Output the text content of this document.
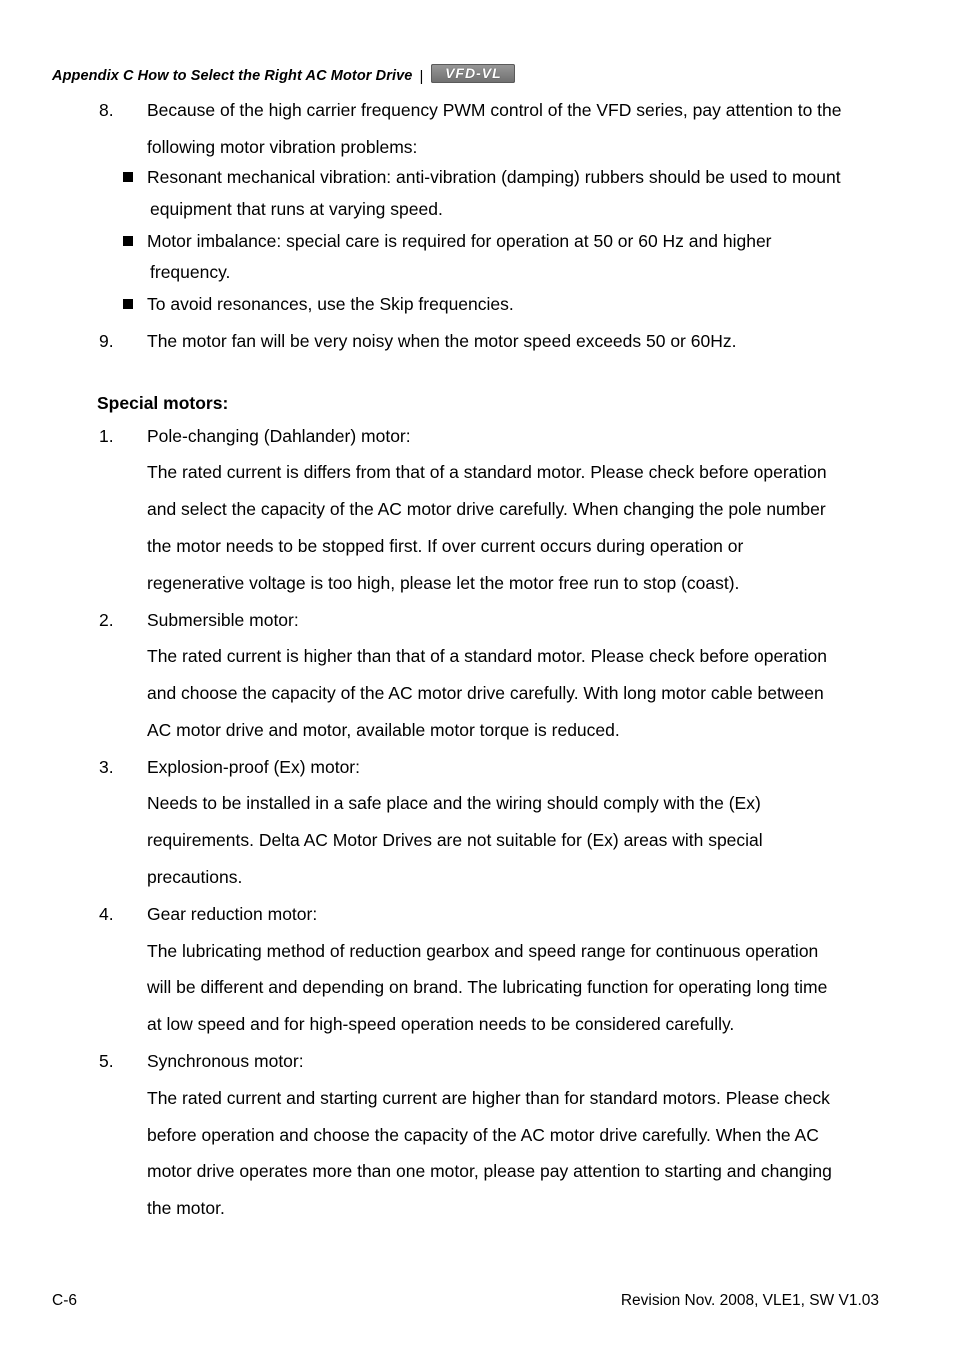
Appendix C How to Select the Right AC Motor Drive | VFD-VL
8. Because of the high carrier frequency PWM control of the VFD series, pay attention to the
following motor vibration problems:
Resonant mechanical vibration: anti-vibration (damping) rubbers should be used to mount
equipment that runs at varying speed.
Motor imbalance: special care is required for operation at 50 or 60 Hz and higher
frequency.
To avoid resonances, use the Skip frequencies.
9. The motor fan will be very noisy when the motor speed exceeds 50 or 60Hz.
Special motors:
1. Pole-changing (Dahlander) motor:
The rated current is differs from that of a standard motor. Please check before operation
and select the capacity of the AC motor drive carefully. When changing the pole number
the motor needs to be stopped first. If over current occurs during operation or
regenerative voltage is too high, please let the motor free run to stop (coast).
2. Submersible motor:
The rated current is higher than that of a standard motor. Please check before operation
and choose the capacity of the AC motor drive carefully. With long motor cable between
AC motor drive and motor, available motor torque is reduced.
3. Explosion-proof (Ex) motor:
Needs to be installed in a safe place and the wiring should comply with the (Ex)
requirements. Delta AC Motor Drives are not suitable for (Ex) areas with special
precautions.
4. Gear reduction motor:
The lubricating method of reduction gearbox and speed range for continuous operation
will be different and depending on brand. The lubricating function for operating long time
at low speed and for high-speed operation needs to be considered carefully.
5. Synchronous motor:
The rated current and starting current are higher than for standard motors. Please check
before operation and choose the capacity of the AC motor drive carefully. When the AC
motor drive operates more than one motor, please pay attention to starting and changing
the motor.
C-6	Revision Nov. 2008, VLE1, SW V1.03
